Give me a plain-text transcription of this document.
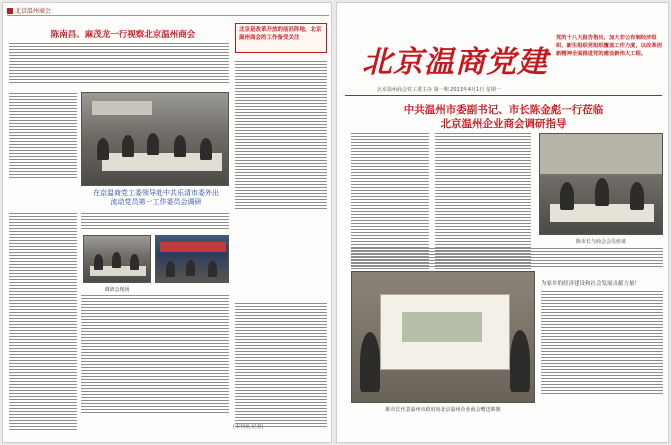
北京温州商会
陈南昌、麻茂龙一行视察北京温州商会	北京是改革开放的前沿阵地，北京温州商会的工作备受关注
在京温商党工委领导赴中共乐清市委外出
流动党员第一工作委员会调研
调研会现场
(本刊讯 记者)
北京温商党建
党的十八大报告指出，加大非公有制经济组织、新生组织党组织覆盖工作力度，以改革创新精神全面推进党的建设新伟大工程。
北京温州商会党工委主办 第一期 2013年4月1日 星期一
中共温州市委副书记、市长陈金彪一行莅临
北京温州企业商会调研指导
陈市长与商会会员座谈
陈市长代表温州市政府向北京温州企业商会赠送锦旗
为家乡的经济建设和社会发展贡献力量！
